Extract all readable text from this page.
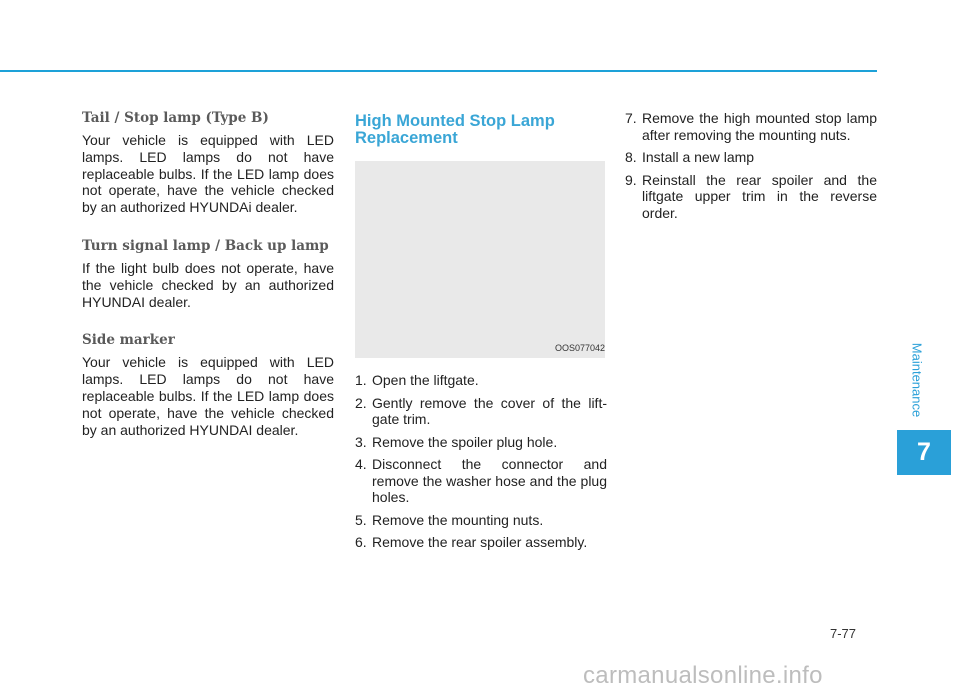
Tail / Stop lamp (Type B)

Your vehicle is equipped with LED lamps. LED lamps do not have replaceable bulbs. If the LED lamp does not operate, have the vehicle checked by an authorized HYUNDAi dealer.

Turn signal lamp / Back up lamp

If the light bulb does not operate, have the vehicle checked by an authorized HYUNDAI dealer.

Side marker

Your vehicle is equipped with LED lamps. LED lamps do not have replaceable bulbs. If the LED lamp does not operate, have the vehicle checked by an authorized HYUNDAI dealer.

High Mounted Stop Lamp Replacement
OOS077042
1. Open the liftgate.
2. Gently remove the cover of the lift-gate trim.
3. Remove the spoiler plug hole.
4. Disconnect the connector and remove the washer hose and the plug holes.
5. Remove the mounting nuts.
6. Remove the rear spoiler assembly.
7. Remove the high mounted stop lamp after removing the mounting nuts.
8. Install a new lamp
9. Reinstall the rear spoiler and the liftgate upper trim in the reverse order.
Maintenance
7
7-77
carmanualsonline.info
